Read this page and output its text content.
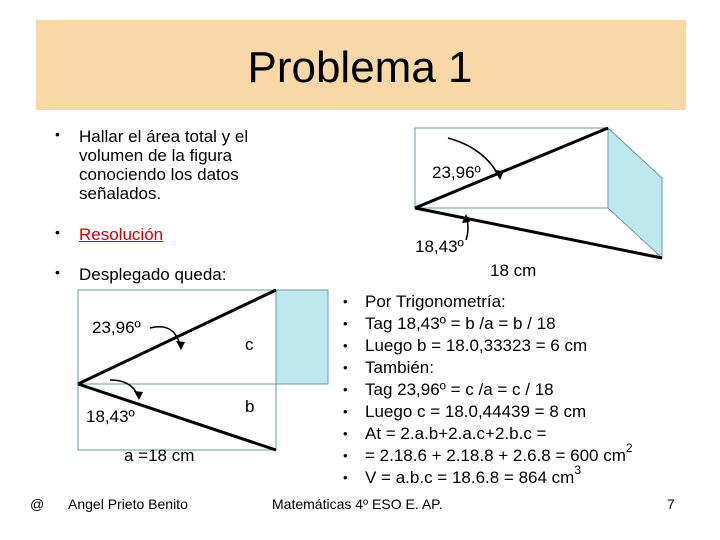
Problema 1
• Hallar el área total y el volumen de la figura conociendo los datos señalados.
• Resolución
• Desplegado queda:
23,96º
18,43º
18 cm
23,96º
18,43º
c
b
a =18 cm
• Por Trigonometría:
• Tag 18,43º = b /a = b / 18
• Luego b = 18.0,33323 = 6 cm
• También:
• Tag 23,96º = c /a = c / 18
• Luego c = 18.0,44439 = 8 cm
• At = 2.a.b+2.a.c+2.b.c =
• = 2.18.6 + 2.18.8 + 2.6.8 = 600 $cm^2$
• V = a.b.c = 18.6.8 = 864 $cm^3$
@ Angel Prieto Benito	Matemáticas 4º ESO E. AP.	7
